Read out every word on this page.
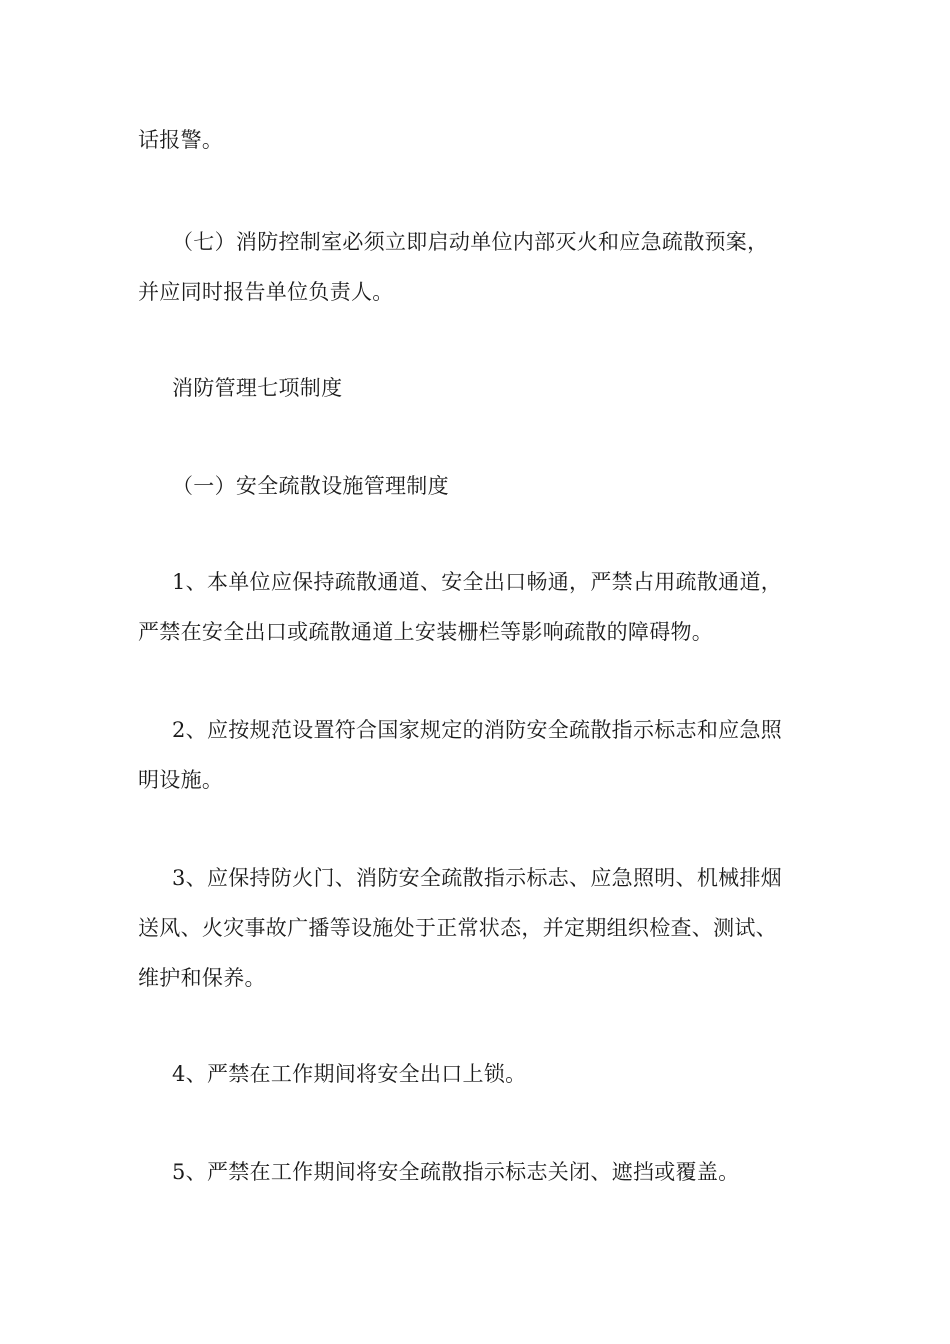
话报警。
（七）消防控制室必须立即启动单位内部灭火和应急疏散预案，
并应同时报告单位负责人。
消防管理七项制度
（一）安全疏散设施管理制度
1、本单位应保持疏散通道、安全出口畅通，严禁占用疏散通道，
严禁在安全出口或疏散通道上安装栅栏等影响疏散的障碍物。
2、应按规范设置符合国家规定的消防安全疏散指示标志和应急照
明设施。
3、应保持防火门、消防安全疏散指示标志、应急照明、机械排烟
送风、火灾事故广播等设施处于正常状态，并定期组织检查、测试、
维护和保养。
4、严禁在工作期间将安全出口上锁。
5、严禁在工作期间将安全疏散指示标志关闭、遮挡或覆盖。
